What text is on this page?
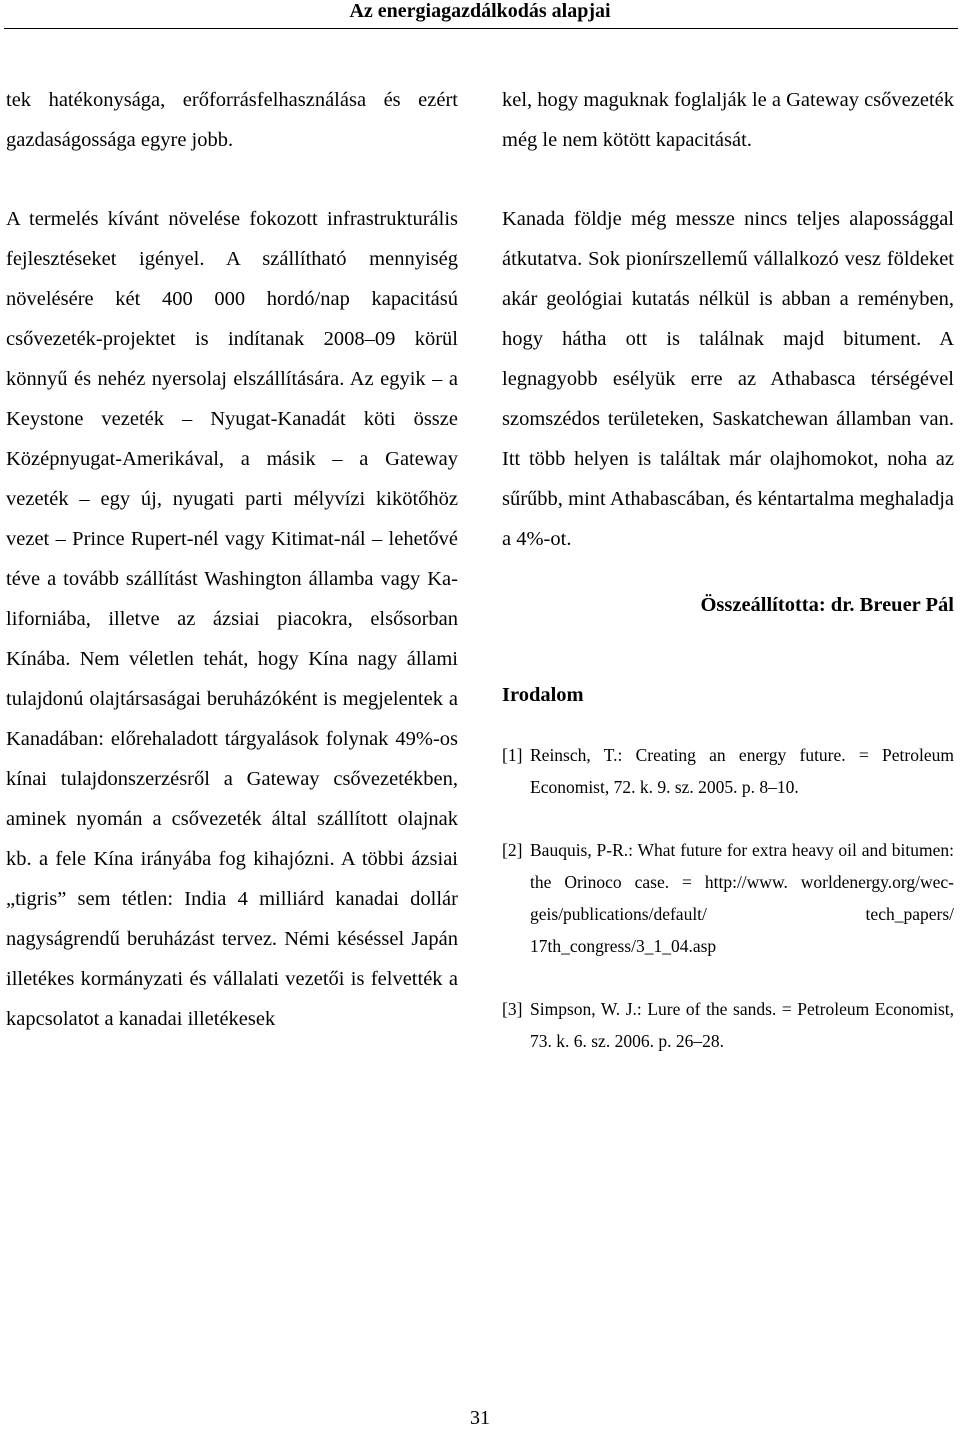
Az energiagazdálkodás alapjai

tek hatékonysága, erőforrásfelhasználása és ezért gazdaságossága egyre jobb.

A termelés kívánt növelése fokozott infrastrukturális fejlesztéseket igényel. A szállítható mennyiség növelésére két 400 000 hordó/nap kapacitású csővezeték-projektet is indítanak 2008–09 körül könnyű és nehéz nyersolaj elszállítására. Az egyik – a Keystone vezeték – Nyugat-Kanadát köti össze Középnyugat-Amerikával, a másik – a Gateway vezeték – egy új, nyugati parti mélyvízi kikötőhöz vezet – Prince Rupert-nél vagy Kitimat-nál – lehetővé téve a tovább szállítást Washington államba vagy Kaliforniába, illetve az ázsiai piacokra, elsősorban Kínába. Nem véletlen tehát, hogy Kína nagy állami tulajdonú olajtársaságai beruházóként is megjelentek a Kanadában: előrehaladott tárgyalások folynak 49%-os kínai tulajdonszerzésről a Gateway csővezetékben, aminek nyomán a csővezeték által szállított olajnak kb. a fele Kína irányába fog kihajózni. A többi ázsiai „tigris” sem tétlen: India 4 milliárd kanadai dollár nagyságrendű beruházást tervez. Némi késéssel Japán illetékes kormányzati és vállalati vezetői is felvették a kapcsolatot a kanadai illetékesek

kel, hogy maguknak foglalják le a Gateway csővezeték még le nem kötött kapacitását.

Kanada földje még messze nincs teljes alapossággal átkutatva. Sok pionírszellemű vállalkozó vesz földeket akár geológiai kutatás nélkül is abban a reményben, hogy hátha ott is találnak majd bitument. A legnagyobb esélyük erre az Athabasca térségével szomszédos területeken, Saskatchewan államban van. Itt több helyen is találtak már olajhomokot, noha az sűrűbb, mint Athabascában, és kéntartalma meghaladja a 4%-ot.

Összeállította: dr. Breuer Pál

Irodalom

[1] Reinsch, T.: Creating an energy future. = Petroleum Economist, 72. k. 9. sz. 2005. p. 8–10.
[2] Bauquis, P-R.: What future for extra heavy oil and bitumen: the Orinoco case. = http://www. worldenergy.org/wec-geis/publications/default/ tech_papers/ 17th_congress/3_1_04.asp
[3] Simpson, W. J.: Lure of the sands. = Petroleum Economist, 73. k. 6. sz. 2006. p. 26–28.
31
